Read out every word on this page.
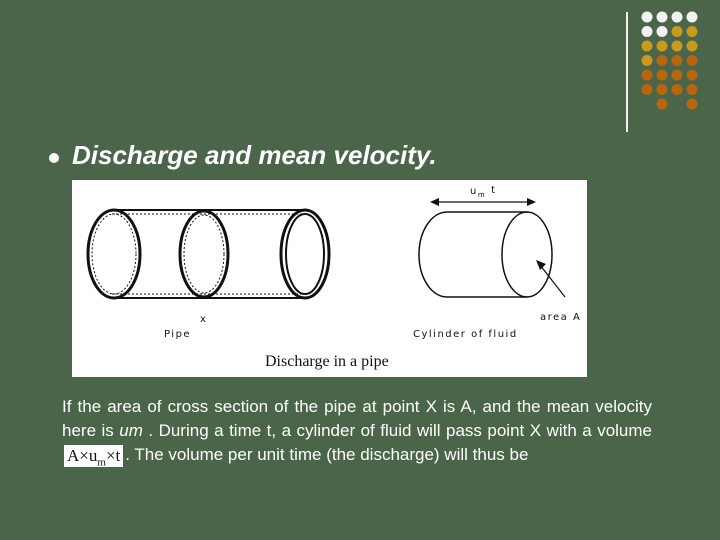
Discharge and mean velocity.
$u_m$ t
x
Pipe	Cylinder of fluid
area A
Discharge in a pipe

If the area of cross section of the pipe at point X is A, and the mean velocity here is um . During a time t, a cylinder of fluid will pass point X with a volume $A\times u_m\times t$ . The volume per unit time (the discharge) will thus be
